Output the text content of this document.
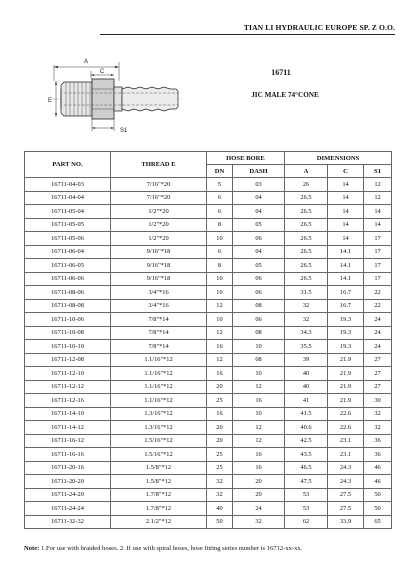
TIAN LI HYDRAULIC EUROPE SP. Z O.O.
A
C
E
S1
16711
JIC MALE 74°CONE
PART NO.	THREAD E	HOSE BORE		DIMENSIONS		
		DN	DASH	A	C	S1
16711-04-03	7/16"*20	5	03	26	14	12
16711-04-04	7/16"*20	6	04	26.5	14	12
16711-05-04	1/2"*20	6	04	26.5	14	14
16711-05-05	1/2"*20	8	05	26.5	14	14
16711-05-06	1/2"*20	10	06	26.5	14	17
16711-06-04	9/16"*18	6	04	26.5	14.1	17
16711-06-05	9/16"*18	8	05	26.5	14.1	17
16711-06-06	9/16"*18	10	06	26.5	14.1	17
16711-08-06	3/4"*16	10	06	31.5	16.7	22
16711-08-08	3/4"*16	12	08	32	16.7	22
16711-10-06	7/8"*14	10	06	32	19.3	24
16711-10-08	7/8"*14	12	08	34.3	19.3	24
16711-10-10	7/8"*14	16	10	35.5	19.3	24
16711-12-08	1.1/16"*12	12	08	39	21.9	27
16711-12-10	1.1/16"*12	16	10	40	21.9	27
16711-12-12	1.1/16"*12	20	12	40	21.9	27
16711-12-16	1.1/16"*12	25	16	41	21.9	30
16711-14-10	1.3/16"*12	16	10	41.5	22.6	32
16711-14-12	1.3/16"*12	20	12	40.6	22.6	32
16711-16-12	1.5/16"*12	20	12	42.5	23.1	36
16711-16-16	1.5/16"*12	25	16	43.5	23.1	36
16711-20-16	1.5/8"*12	25	16	46.5	24.3	46
16711-20-20	1.5/8"*12	32	20	47.5	24.3	46
16711-24-20	1.7/8"*12	32	20	53	27.5	50
16711-24-24	1.7/8"*12	40	24	53	27.5	50
16711-32-32	2.1/2"*12	50	32	62	33.9	65
Note: 1.For use with braided hoses. 2. If use with spiral hoses, hose fitting series number is 16712-xx-xx.
